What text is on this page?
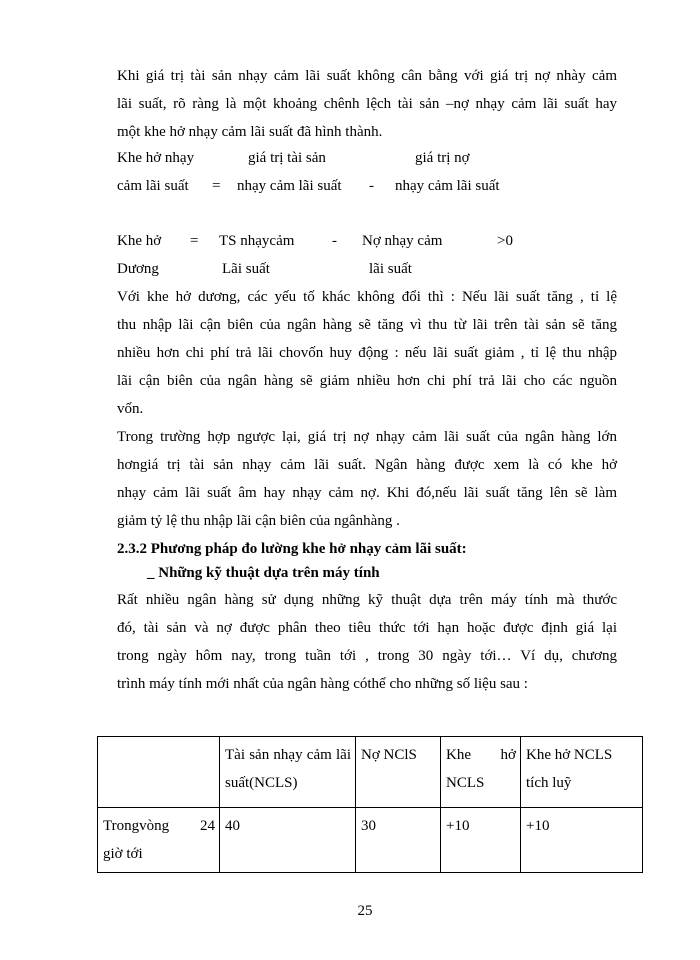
Khi giá trị tài sản nhạy cảm lãi suất không cân bằng với giá trị nợ nhày cảm
lãi suất, rõ ràng là một khoảng chênh lệch tài sản –nợ nhạy cảm lãi suất hay
một khe hở nhạy cảm lãi suất đã hình thành.
Khe hở nhạy	giá trị tài sản	giá trị nợ
cảm lãi suất = nhạy cảm lãi suất - nhạy cảm lãi suất
Khe hở = TS nhạycảm	- Nợ nhạy cảm	>0
Dương	Lãi suất	lãi suất
Với khe hở dương, các yếu tố khác không đổi thì : Nếu lãi suất tăng , tỉ lệ
thu nhập lãi cận biên của ngân hàng sẽ tăng vì thu từ lãi trên tài sản sẽ tăng
nhiều hơn chi phí trả lãi chovốn huy động : nếu lãi suất giảm , tỉ lệ thu nhập
lãi cận biên của ngân hàng sẽ giảm nhiều hơn chi phí trả lãi cho các nguồn
vốn.
Trong trường hợp ngược lại, giá trị nợ nhạy cảm lãi suất của ngân hàng lớn
hơngiá trị tài sản nhạy cảm lãi suất. Ngân hàng được xem là có khe hở
nhạy cảm lãi suất âm hay nhạy cảm nợ. Khi đó,nếu lãi suất tăng lên sẽ làm
giảm tỷ lệ thu nhập lãi cận biên của ngânhàng .
2.3.2 Phương pháp đo lường khe hở nhạy cảm lãi suất:
_ Những kỹ thuật dựa trên máy tính
Rất nhiều ngân hàng sử dụng những kỹ thuật dựa trên máy tính mà thước
đó, tài sản và nợ được phân theo tiêu thức tới hạn hoặc được định giá lại
trong ngày hôm nay, trong tuần tới , trong 30 ngày tới… Ví dụ, chương
trình máy tính mới nhất của ngân hàng cóthể cho những số liệu sau :
	Tài sản nhạy cảm lãi suất(NCLS)	Nợ NClS	Khe hở NCLS	Khe hở NCLS tích luỹ

Trongvòng 24
giờ tới	40	30	+10	+10
25
